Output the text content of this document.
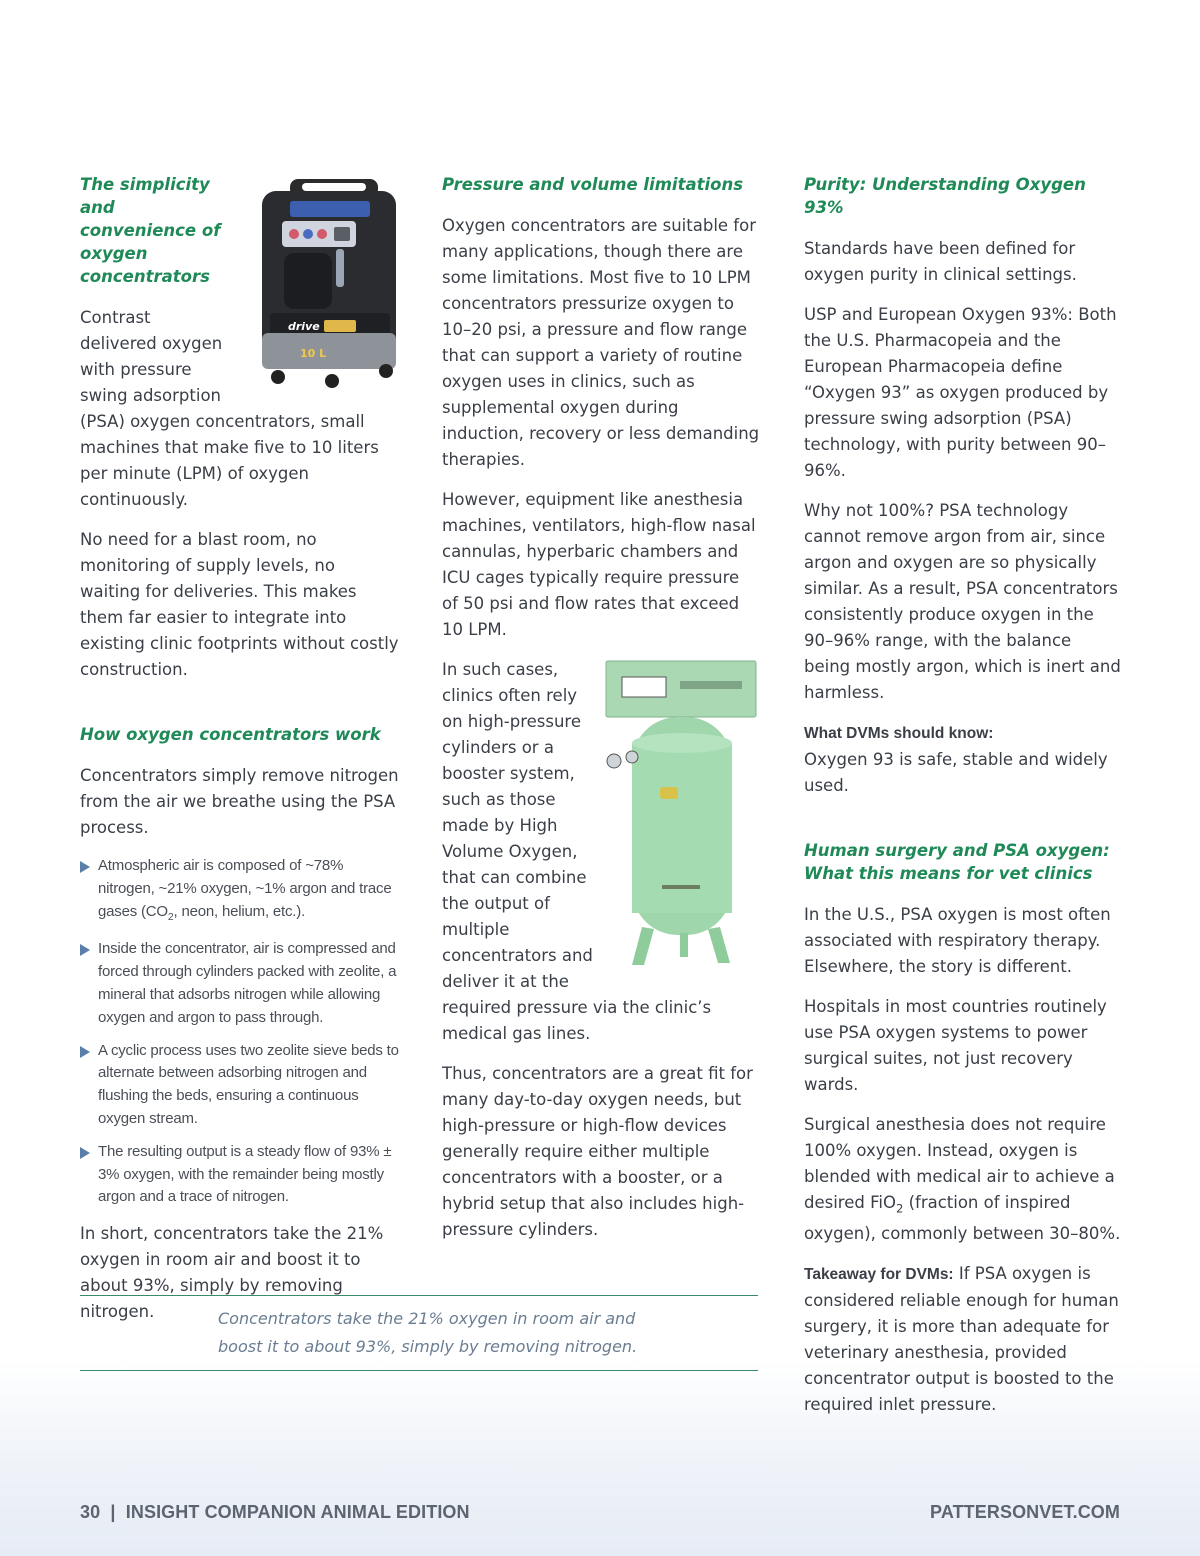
drive
10 L
The simplicity and convenience of oxygen concentrators
Contrast delivered oxygen with pressure swing adsorption (PSA) oxygen concentrators, small machines that make five to 10 liters per minute (LPM) of oxygen continuously.
No need for a blast room, no monitoring of supply levels, no waiting for deliveries. This makes them far easier to integrate into existing clinic footprints without costly construction.
How oxygen concentrators work
Concentrators simply remove nitrogen from the air we breathe using the PSA process.
Atmospheric air is composed of ~78% nitrogen, ~21% oxygen, ~1% argon and trace gases ($CO_2$, neon, helium, etc.).
Inside the concentrator, air is compressed and forced through cylinders packed with zeolite, a mineral that adsorbs nitrogen while allowing oxygen and argon to pass through.
A cyclic process uses two zeolite sieve beds to alternate between adsorbing nitrogen and flushing the beds, ensuring a continuous oxygen stream.
The resulting output is a steady flow of 93% ± 3% oxygen, with the remainder being mostly argon and a trace of nitrogen.
In short, concentrators take the 21% oxygen in room air and boost it to about 93%, simply by removing nitrogen.
Pressure and volume limitations
Oxygen concentrators are suitable for many applications, though there are some limitations. Most five to 10 LPM concentrators pressurize oxygen to 10–20 psi, a pressure and flow range that can support a variety of routine oxygen uses in clinics, such as supplemental oxygen during induction, recovery or less demanding therapies.
However, equipment like anesthesia machines, ventilators, high-flow nasal cannulas, hyperbaric chambers and ICU cages typically require pressure of 50 psi and flow rates that exceed 10 LPM.
In such cases, clinics often rely on high-pressure cylinders or a booster system, such as those made by High Volume Oxygen, that can combine the output of multiple concentrators and deliver it at the required pressure via the clinic’s medical gas lines.
Thus, concentrators are a great fit for many day-to-day oxygen needs, but high-pressure or high-flow devices generally require either multiple concentrators with a booster, or a hybrid setup that also includes high-pressure cylinders.
Purity: Understanding Oxygen 93%
Standards have been defined for oxygen purity in clinical settings.
USP and European Oxygen 93%: Both the U.S. Pharmacopeia and the European Pharmacopeia define “Oxygen 93” as oxygen produced by pressure swing adsorption (PSA) technology, with purity between 90–96%.
Why not 100%? PSA technology cannot remove argon from air, since argon and oxygen are so physically similar. As a result, PSA concentrators consistently produce oxygen in the 90–96% range, with the balance being mostly argon, which is inert and harmless.
What DVMs should know:
Oxygen 93 is safe, stable and widely used.
Human surgery and PSA oxygen: What this means for vet clinics
In the U.S., PSA oxygen is most often associated with respiratory therapy. Elsewhere, the story is different.
Hospitals in most countries routinely use PSA oxygen systems to power surgical suites, not just recovery wards.
Surgical anesthesia does not require 100% oxygen. Instead, oxygen is blended with medical air to achieve a desired FiO$_2$ (fraction of inspired oxygen), commonly between 30–80%.
Takeaway for DVMs: If PSA oxygen is considered reliable enough for human surgery, it is more than adequate for veterinary anesthesia, provided concentrator output is boosted to the required inlet pressure.
Concentrators take the 21% oxygen in room air and boost it to about 93%, simply by removing nitrogen.
30  |  INSIGHT COMPANION ANIMAL EDITION	PATTERSONVET.COM
